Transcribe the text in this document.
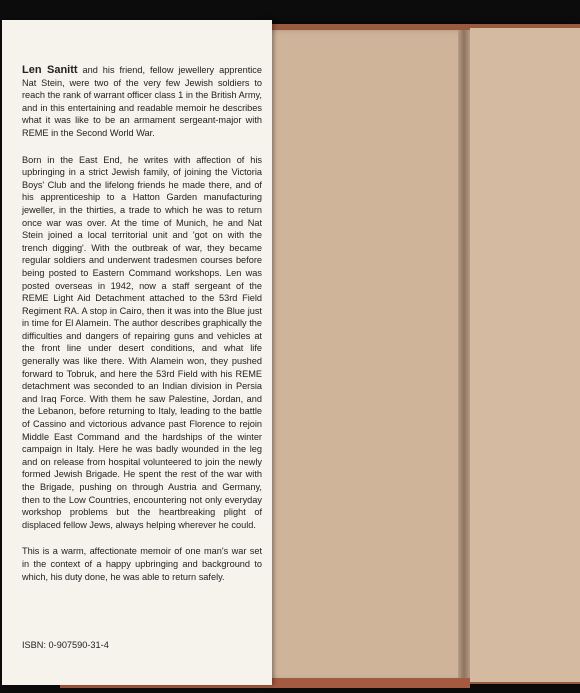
Len Sanitt and his friend, fellow jewellery apprentice Nat Stein, were two of the very few Jewish soldiers to reach the rank of warrant officer class 1 in the British Army, and in this entertaining and readable memoir he describes what it was like to be an armament sergeant-major with REME in the Second World War.

Born in the East End, he writes with affection of his upbringing in a strict Jewish family, of joining the Victoria Boys' Club and the lifelong friends he made there, and of his apprenticeship to a Hatton Garden manufacturing jeweller, in the thirties, a trade to which he was to return once war was over. At the time of Munich, he and Nat Stein joined a local territorial unit and 'got on with the trench digging'. With the outbreak of war, they became regular soldiers and underwent tradesmen courses before being posted to Eastern Command workshops. Len was posted overseas in 1942, now a staff sergeant of the REME Light Aid Detachment attached to the 53rd Field Regiment RA. A stop in Cairo, then it was into the Blue just in time for El Alamein. The author describes graphically the difficulties and dangers of repairing guns and vehicles at the front line under desert conditions, and what life generally was like there. With Alamein won, they pushed forward to Tobruk, and here the 53rd Field with his REME detachment was seconded to an Indian division in Persia and Iraq Force. With them he saw Palestine, Jordan, and the Lebanon, before returning to Italy, leading to the battle of Cassino and victorious advance past Florence to rejoin Middle East Command and the hardships of the winter campaign in Italy. Here he was badly wounded in the leg and on release from hospital volunteered to join the newly formed Jewish Brigade. He spent the rest of the war with the Brigade, pushing on through Austria and Germany, then to the Low Countries, encountering not only everyday workshop problems but the heartbreaking plight of displaced fellow Jews, always helping wherever he could.

This is a warm, affectionate memoir of one man's war set in the context of a happy upbringing and background to which, his duty done, he was able to return safely.

ISBN: 0-907590-31-4
